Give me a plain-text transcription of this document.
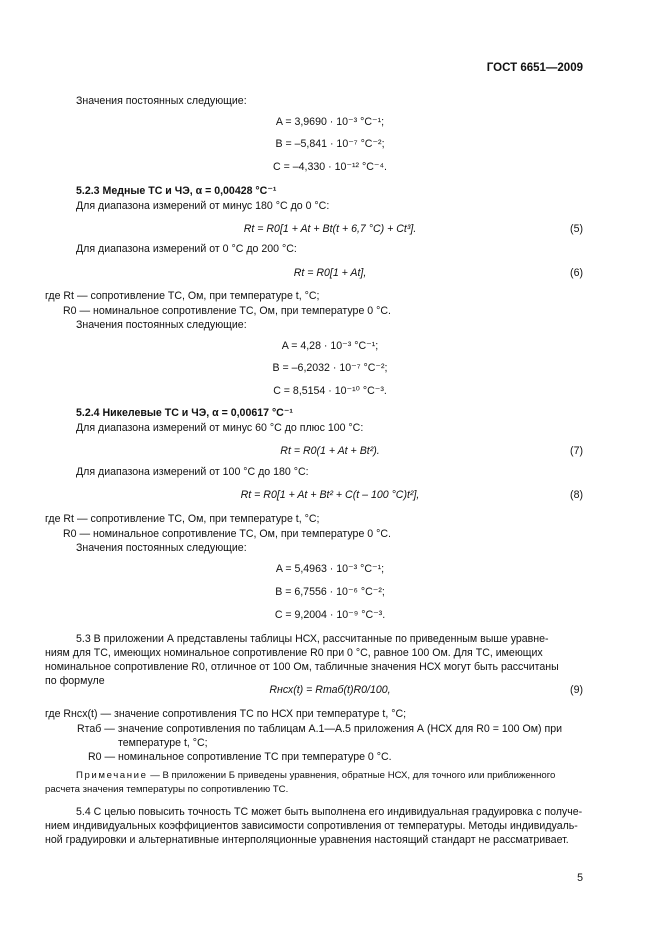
ГОСТ 6651—2009
Значения постоянных следующие:
A = 3,9690 · 10⁻³ °C⁻¹;
B = –5,841 · 10⁻⁷ °C⁻²;
C = –4,330 · 10⁻¹² °C⁻⁴.
5.2.3 Медные ТС и ЧЭ, α = 0,00428 °C⁻¹
Для диапазона измерений от минус 180 °C до 0 °C:
Rt = R0[1 + At + Bt(t + 6,7 °C) + Ct³].	(5)
Для диапазона измерений от 0 °C до 200 °C:
Rt = R0[1 + At],	(6)
где Rt — сопротивление ТС, Ом, при температуре t, °C;
R0 — номинальное сопротивление ТС, Ом, при температуре 0 °C.
Значения постоянных следующие:
A = 4,28 · 10⁻³ °C⁻¹;
B = –6,2032 · 10⁻⁷ °C⁻²;
C = 8,5154 · 10⁻¹⁰ °C⁻³.
5.2.4 Никелевые ТС и ЧЭ, α = 0,00617 °C⁻¹
Для диапазона измерений от минус 60 °C до плюс 100 °C:
Rt = R0(1 + At + Bt²).	(7)
Для диапазона измерений от 100 °C до 180 °C:
Rt = R0[1 + At + Bt² + C(t – 100 °C)t²],	(8)
где Rt — сопротивление ТС, Ом, при температуре t, °C;
R0 — номинальное сопротивление ТС, Ом, при температуре 0 °C.
Значения постоянных следующие:
A = 5,4963 · 10⁻³ °C⁻¹;
B = 6,7556 · 10⁻⁶ °C⁻²;
C = 9,2004 · 10⁻⁹ °C⁻³.
5.3 В приложении А представлены таблицы НСХ, рассчитанные по приведенным выше уравне-
ниям для ТС, имеющих номинальное сопротивление R0 при 0 °C, равное 100 Ом. Для ТС, имеющих
номинальное сопротивление R0, отличное от 100 Ом, табличные значения НСХ могут быть рассчитаны
по формуле
Rнсх(t) = Rтаб(t)R0/100,	(9)
где Rнсх(t) — значение сопротивления ТС по НСХ при температуре t, °C;
Rтаб — значение сопротивления по таблицам А.1—А.5 приложения А (НСХ для R0 = 100 Ом) при
температуре t, °C;
R0 — номинальное сопротивление ТС при температуре 0 °C.
Примечание — В приложении Б приведены уравнения, обратные НСХ, для точного или приближенного
расчета значения температуры по сопротивлению ТС.
5.4 С целью повысить точность ТС может быть выполнена его индивидуальная градуировка с получе-
нием индивидуальных коэффициентов зависимости сопротивления от температуры. Методы индивидуаль-
ной градуировки и альтернативные интерполяционные уравнения настоящий стандарт не рассматривает.
5
